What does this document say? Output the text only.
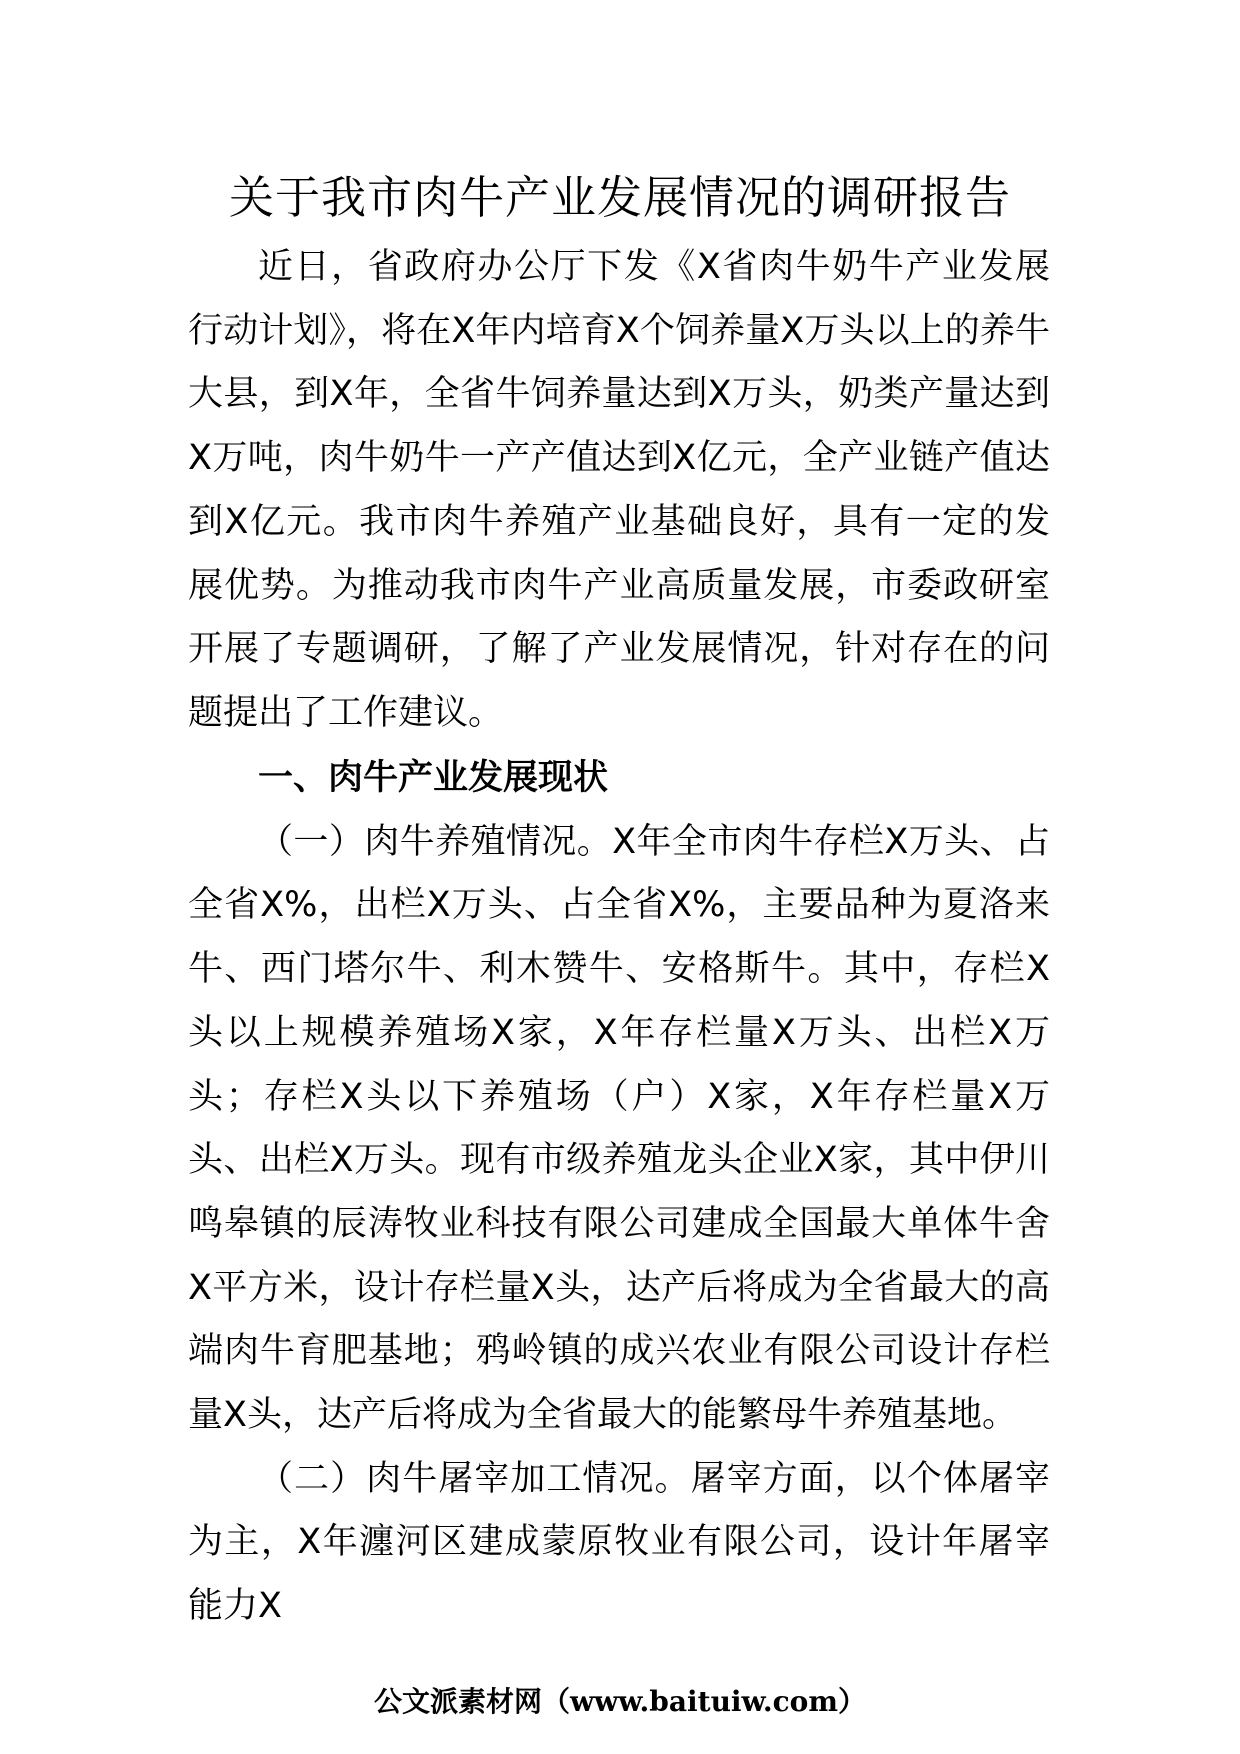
关于我市肉牛产业发展情况的调研报告

近日，省政府办公厅下发《X省肉牛奶牛产业发展行动计划》，将在X年内培育X个饲养量X万头以上的养牛大县，到X年，全省牛饲养量达到X万头，奶类产量达到X万吨，肉牛奶牛一产产值达到X亿元，全产业链产值达到X亿元。我市肉牛养殖产业基础良好，具有一定的发展优势。为推动我市肉牛产业高质量发展，市委政研室开展了专题调研，了解了产业发展情况，针对存在的问题提出了工作建议。

一、肉牛产业发展现状

（一）肉牛养殖情况。X年全市肉牛存栏X万头、占全省X%，出栏X万头、占全省X%，主要品种为夏洛来牛、西门塔尔牛、利木赞牛、安格斯牛。其中，存栏X头以上规模养殖场X家，X年存栏量X万头、出栏X万头；存栏X头以下养殖场（户）X家，X年存栏量X万头、出栏X万头。现有市级养殖龙头企业X家，其中伊川鸣皋镇的辰涛牧业科技有限公司建成全国最大单体牛舍X平方米，设计存栏量X头，达产后将成为全省最大的高端肉牛育肥基地；鸦岭镇的成兴农业有限公司设计存栏量X头，达产后将成为全省最大的能繁母牛养殖基地。

（二）肉牛屠宰加工情况。屠宰方面，以个体屠宰为主，X年瀍河区建成蒙原牧业有限公司，设计年屠宰能力X

公文派素材网（www.baituiw.com）
